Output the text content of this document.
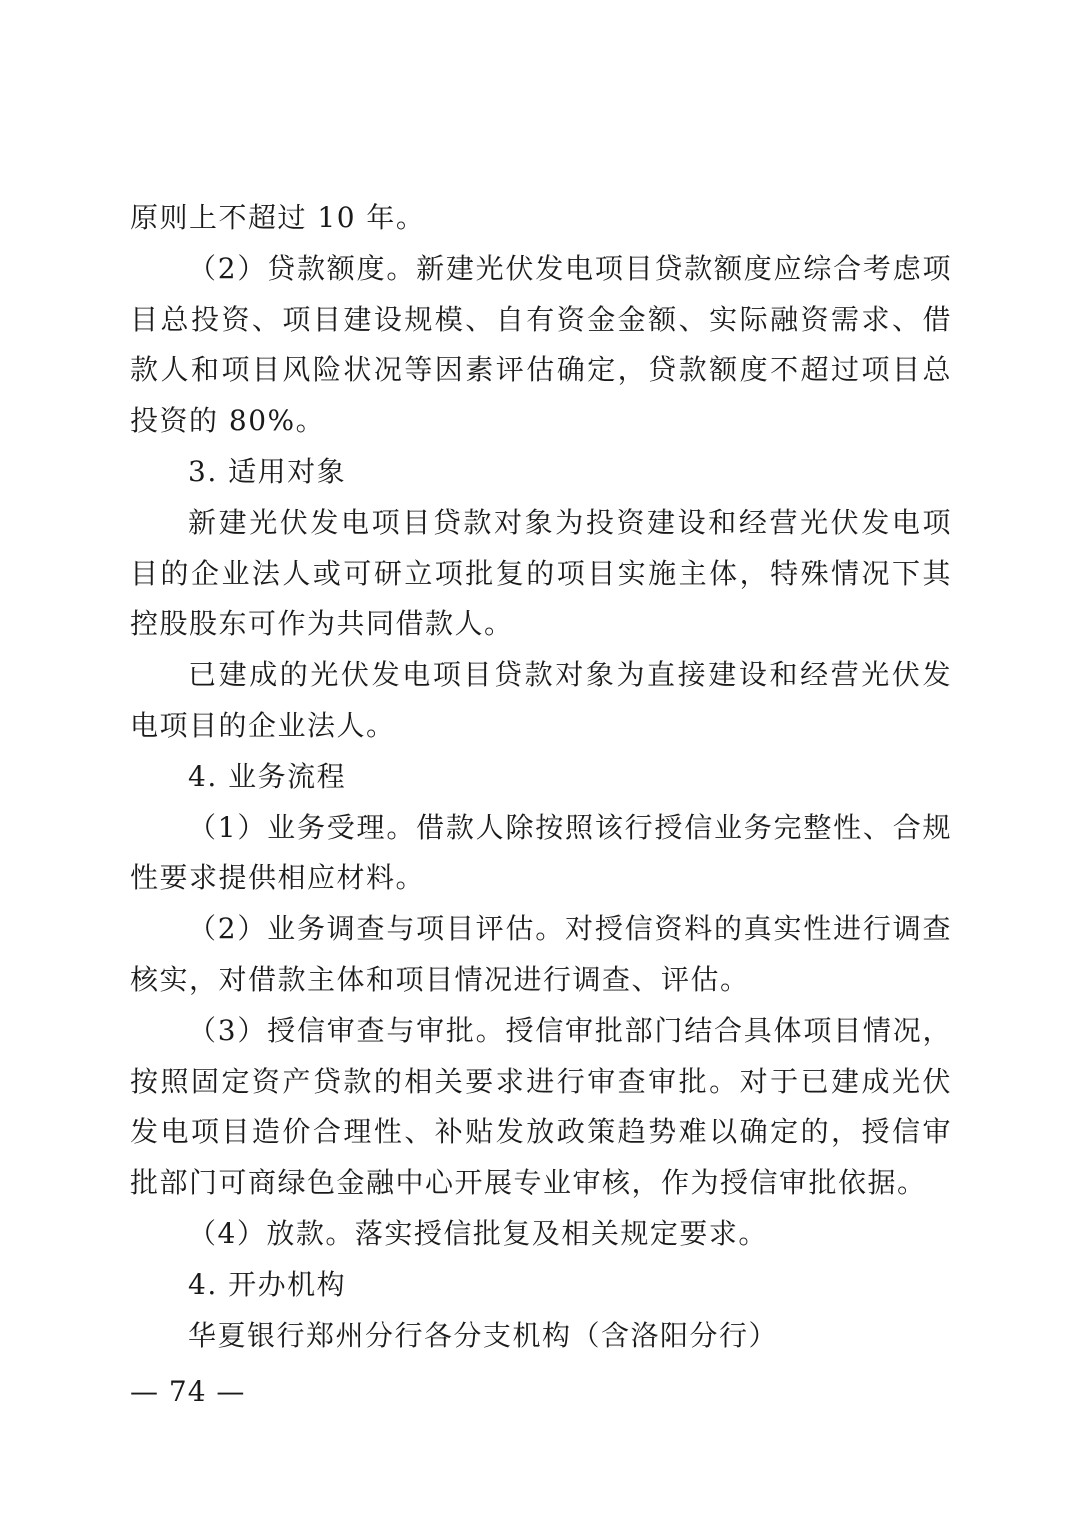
原则上不超过 10 年。

（2）贷款额度。新建光伏发电项目贷款额度应综合考虑项目总投资、项目建设规模、自有资金金额、实际融资需求、借款人和项目风险状况等因素评估确定，贷款额度不超过项目总投资的 80%。

3. 适用对象

新建光伏发电项目贷款对象为投资建设和经营光伏发电项目的企业法人或可研立项批复的项目实施主体，特殊情况下其控股股东可作为共同借款人。

已建成的光伏发电项目贷款对象为直接建设和经营光伏发电项目的企业法人。

4. 业务流程

（1）业务受理。借款人除按照该行授信业务完整性、合规性要求提供相应材料。

（2）业务调查与项目评估。对授信资料的真实性进行调查核实，对借款主体和项目情况进行调查、评估。

（3）授信审查与审批。授信审批部门结合具体项目情况，按照固定资产贷款的相关要求进行审查审批。对于已建成光伏发电项目造价合理性、补贴发放政策趋势难以确定的，授信审批部门可商绿色金融中心开展专业审核，作为授信审批依据。

（4）放款。落实授信批复及相关规定要求。

4. 开办机构

华夏银行郑州分行各分支机构（含洛阳分行）

— 74 —
